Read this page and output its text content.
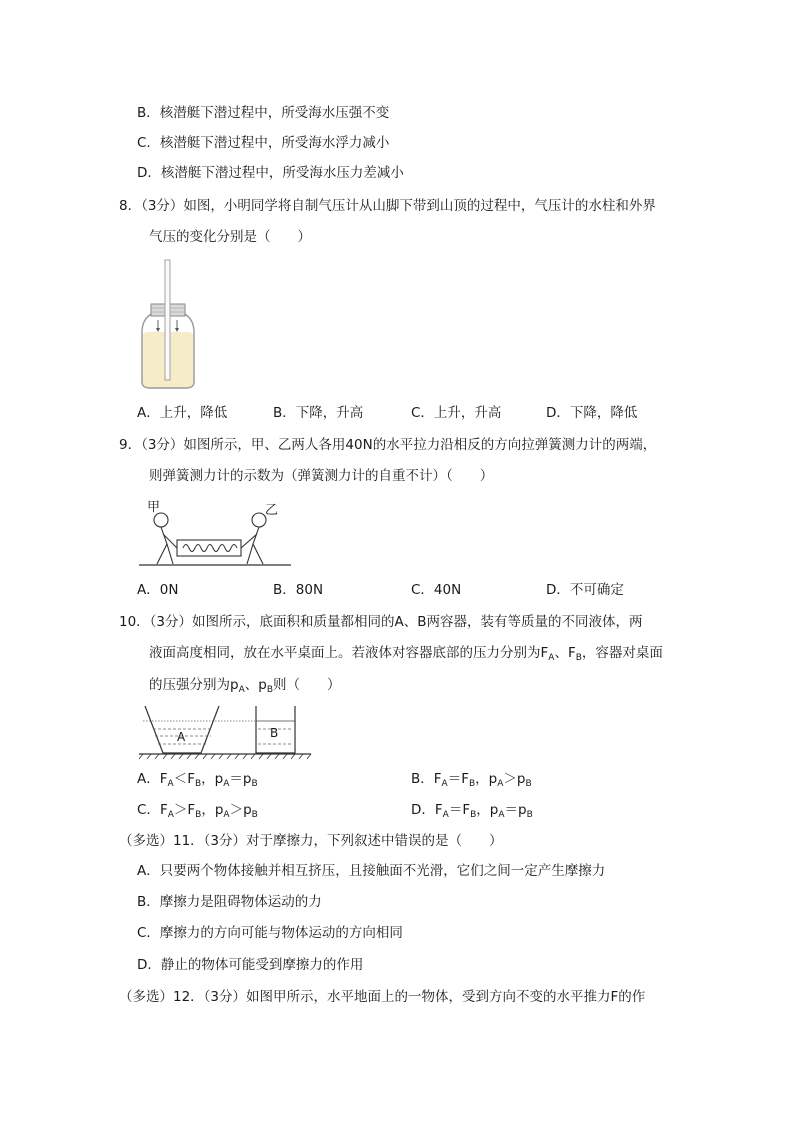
B．核潜艇下潜过程中，所受海水压强不变
C．核潜艇下潜过程中，所受海水浮力减小
D．核潜艇下潜过程中，所受海水压力差减小
8．（3分）如图，小明同学将自制气压计从山脚下带到山顶的过程中，气压计的水柱和外界
气压的变化分别是（　　）
A．上升，降低	B．下降，升高	C．上升，升高	D．下降，降低
9．（3分）如图所示，甲、乙两人各用40N的水平拉力沿相反的方向拉弹簧测力计的两端，
则弹簧测力计的示数为（弹簧测力计的自重不计）（　　）
甲	乙
A．0N	B．80N	C．40N	D．不可确定
10．（3分）如图所示，底面积和质量都相同的A、B两容器，装有等质量的不同液体，两
液面高度相同，放在水平桌面上。若液体对容器底部的压力分别为$F_A$、$F_B$，容器对桌面
的压强分别为$p_A$、$p_B$则（　　）
A	B
A．$F_A<F_B$，$p_A=p_B$	B．$F_A=F_B$，$p_A>p_B$
C．$F_A>F_B$，$p_A>p_B$	D．$F_A=F_B$，$p_A=p_B$
（多选）11．（3分）对于摩擦力，下列叙述中错误的是（　　）
A．只要两个物体接触并相互挤压，且接触面不光滑，它们之间一定产生摩擦力
B．摩擦力是阻碍物体运动的力
C．摩擦力的方向可能与物体运动的方向相同
D．静止的物体可能受到摩擦力的作用
（多选）12．（3分）如图甲所示，水平地面上的一物体，受到方向不变的水平推力F的作
